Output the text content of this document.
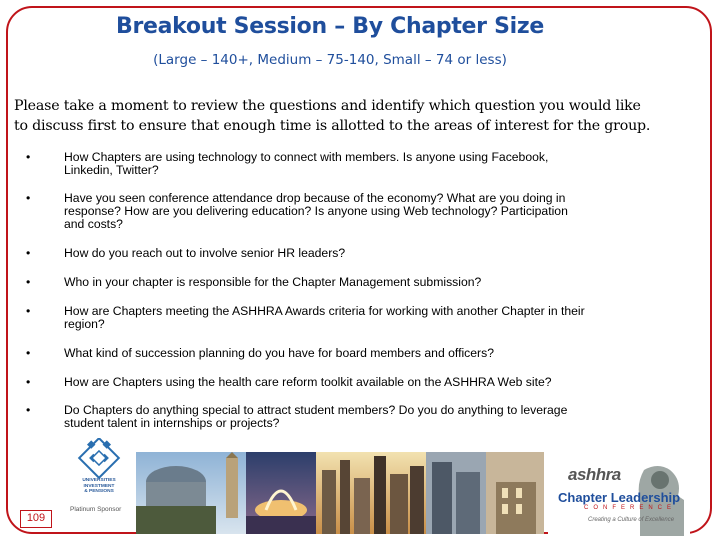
Breakout Session – By Chapter Size
(Large – 140+, Medium – 75-140, Small – 74 or less)

Please take a moment to review the questions and identify which question you would like

to discuss first to ensure that enough time is allotted to the areas of interest for the group.

•	How Chapters are using technology to connect with members. Is anyone using Facebook,
Linkedin, Twitter?
•	Have you seen conference attendance drop because of the economy? What are you doing in
response? How are you delivering education? Is anyone using Web technology? Participation
and costs?
•	How do you reach out to involve senior HR leaders?
•	Who in your chapter is responsible for the Chapter Management submission?
•	How are Chapters meeting the ASHHRA Awards criteria for working with another Chapter in their
region?
•	What kind of succession planning do you have for board members and officers?
•	How are Chapters using the health care reform toolkit available on the ASHHRA Web site?
•	Do Chapters do anything special to attract student members? Do you do anything to leverage
student talent in internships or projects?
UNIVERSITIES
INVESTMENT
& PENSIONS
Platinum Sponsor
ashhra
Chapter Leadership
CONFERENCE
Creating a Culture of Excellence
109
